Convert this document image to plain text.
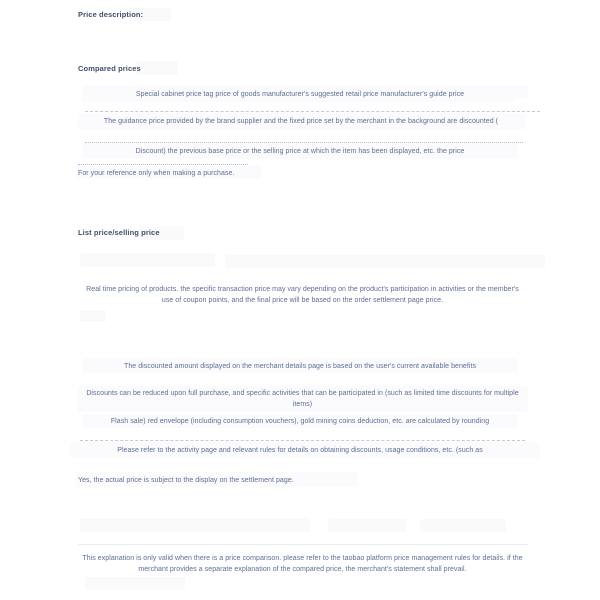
Price description:
Compared prices
Special cabinet price tag price of goods manufacturer's suggested retail price manufacturer's guide price
The guidance price provided by the brand supplier and the fixed price set by the merchant in the background are discounted (
Discount) the previous base price or the selling price at which the item has been displayed, etc. the price
For your reference only when making a purchase.
List price/selling price
Real time pricing of products. the specific transaction price may vary depending on the product's participation in activities or the member's use of coupon points, and the final price will be based on the order settlement page price.
The discounted amount displayed on the merchant details page is based on the user's current available benefits
Discounts can be reduced upon full purchase, and specific activities that can be participated in (such as limited time discounts for multiple items)
Flash sale) red envelope (including consumption vouchers), gold mining coins deduction, etc. are calculated by rounding
Please refer to the activity page and relevant rules for details on obtaining discounts, usage conditions, etc. (such as
Yes, the actual price is subject to the display on the settlement page.
This explanation is only valid when there is a price comparison. please refer to the taobao platform price management rules for details. if the merchant provides a separate explanation of the compared price, the merchant's statement shall prevail.
